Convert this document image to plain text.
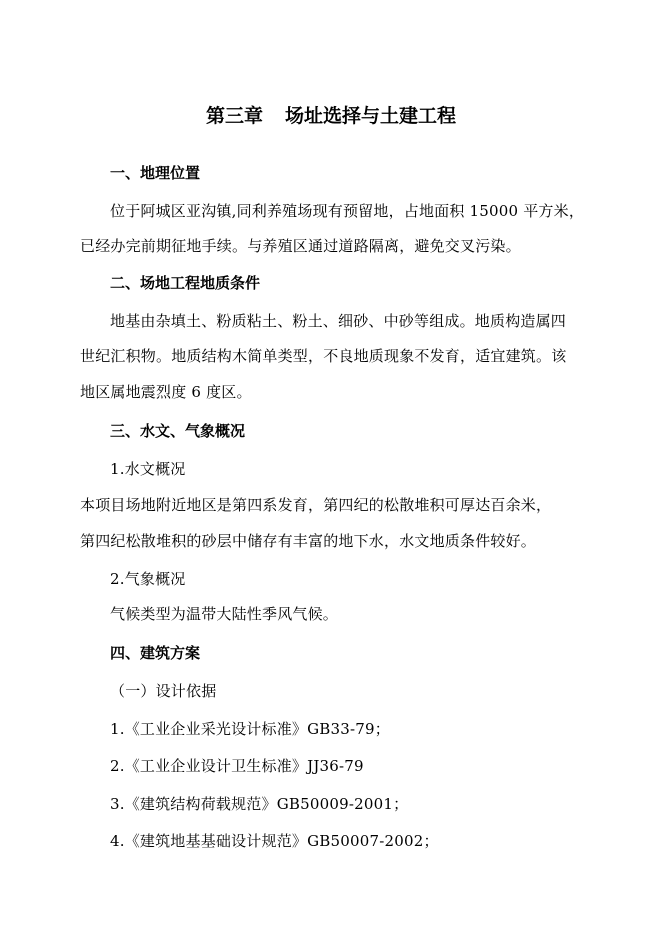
第三章 场址选择与土建工程
一、地理位置
位于阿城区亚沟镇,同利养殖场现有预留地，占地面积 15000 平方米，
已经办完前期征地手续。与养殖区通过道路隔离，避免交叉污染。
二、场地工程地质条件
地基由杂填土、粉质粘土、粉土、细砂、中砂等组成。地质构造属四
世纪汇积物。地质结构木简单类型，不良地质现象不发育，适宜建筑。该
地区属地震烈度 6 度区。
三、水文、气象概况
1.水文概况
本项目场地附近地区是第四系发育，第四纪的松散堆积可厚达百余米，
第四纪松散堆积的砂层中储存有丰富的地下水，水文地质条件较好。
2.气象概况
气候类型为温带大陆性季风气候。
四、建筑方案
（一）设计依据
1.《工业企业采光设计标准》GB33-79；
2.《工业企业设计卫生标准》JJ36-79
3.《建筑结构荷载规范》GB50009-2001；
4.《建筑地基基础设计规范》GB50007-2002；
